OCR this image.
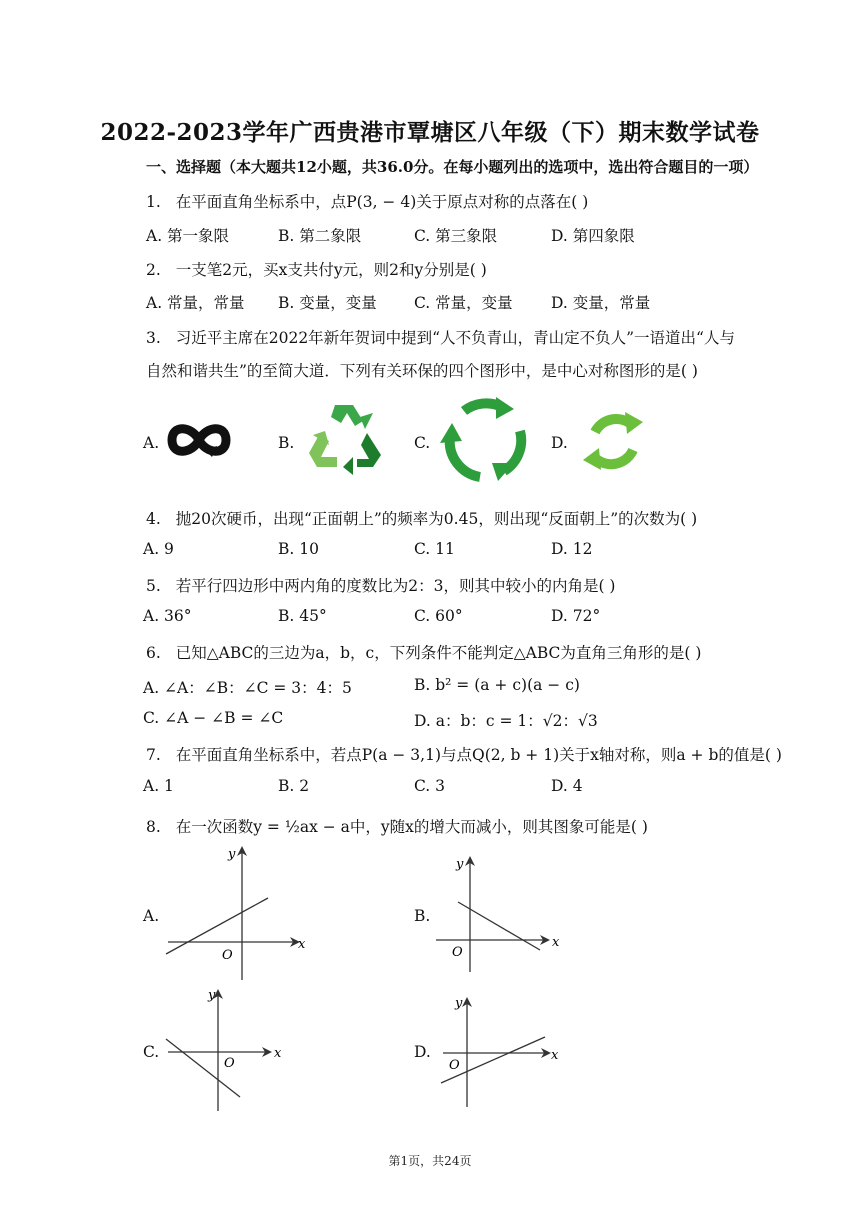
2022-2023学年广西贵港市覃塘区八年级（下）期末数学试卷
一、选择题（本大题共12小题，共36.0分。在每小题列出的选项中，选出符合题目的一项）
1. 在平面直角坐标系中，点P(3, − 4)关于原点对称的点落在( )
A. 第一象限	B. 第二象限	C. 第三象限	D. 第四象限
2. 一支笔2元，买x支共付y元，则2和y分别是( )
A. 常量，常量 B. 变量，变量 C. 常量，变量 D. 变量，常量
3. 习近平主席在2022年新年贺词中提到“人不负青山，青山定不负人”一语道出“人与
自然和谐共生”的至简大道．下列有关环保的四个图形中，是中心对称图形的是( )
A.	B.	C.	D.
4. 抛20次硬币，出现“正面朝上”的频率为0.45，则出现“反面朝上”的次数为( )
A. 9	B. 10	C. 11	D. 12
5. 若平行四边形中两内角的度数比为2：3，则其中较小的内角是( )
A. 36°	B. 45°	C. 60°	D. 72°
6. 已知△ABC的三边为a，b，c，下列条件不能判定△ABC为直角三角形的是( )
A. ∠A：∠B：∠C = 3：4：5	B. b² = (a + c)(a − c)
C. ∠A − ∠B = ∠C	D. a：b：c = 1：√2：√3
7. 在平面直角坐标系中，若点P(a − 3,1)与点Q(2, b + 1)关于x轴对称，则a + b的值是( )
A. 1	B. 2	C. 3	D. 4
8. 在一次函数y = ½ax − a中，y随x的增大而减小，则其图象可能是( )
A.	B.
C.	D.
y
x
O
y
x
O
y
x
O
y
x
O
第1页，共24页
